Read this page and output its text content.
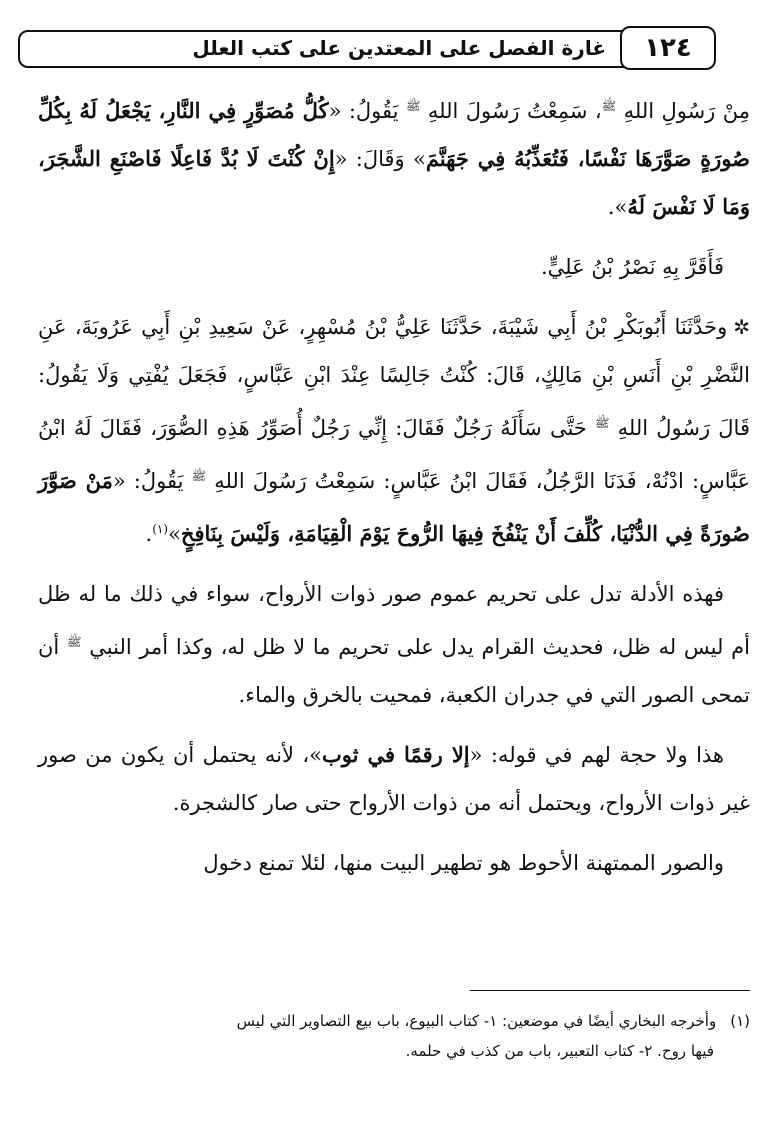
غارة الفصل على المعتدين على كتب العلل	١٢٤

مِنْ رَسُولِ اللهِ $^ﷺ$، سَمِعْتُ رَسُولَ اللهِ $^ﷺ$ يَقُولُ: «كُلُّ مُصَوِّرٍ فِي النَّارِ، يَجْعَلُ لَهُ بِكُلِّ صُورَةٍ صَوَّرَهَا نَفْسًا، فَتُعَذِّبُهُ فِي جَهَنَّمَ» وَقَالَ: «إِنْ كُنْتَ لَا بُدَّ فَاعِلًا فَاصْنَعِ الشَّجَرَ، وَمَا لَا نَفْسَ لَهُ».

فَأَقَرَّ بِهِ نَصْرُ بْنُ عَلِيٍّ.

✲وحَدَّثَنَا أَبُوبَكْرِ بْنُ أَبِي شَيْبَةَ، حَدَّثَنَا عَلِيُّ بْنُ مُسْهِرٍ، عَنْ سَعِيدِ بْنِ أَبِي عَرُوبَةَ، عَنِ النَّضْرِ بْنِ أَنَسِ بْنِ مَالِكٍ، قَالَ: كُنْتُ جَالِسًا عِنْدَ ابْنِ عَبَّاسٍ، فَجَعَلَ يُفْتِي وَلَا يَقُولُ: قَالَ رَسُولُ اللهِ $^ﷺ$ حَتَّى سَأَلَهُ رَجُلٌ فَقَالَ: إِنِّي رَجُلٌ أُصَوِّرُ هَذِهِ الصُّوَرَ، فَقَالَ لَهُ ابْنُ عَبَّاسٍ: ادْنُهْ، فَدَنَا الرَّجُلُ، فَقَالَ ابْنُ عَبَّاسٍ: سَمِعْتُ رَسُولَ اللهِ $^ﷺ$ يَقُولُ: «مَنْ صَوَّرَ صُورَةً فِي الدُّنْيَا، كُلِّفَ أَنْ يَنْفُخَ فِيهَا الرُّوحَ يَوْمَ الْقِيَامَةِ، وَلَيْسَ بِنَافِخٍ»$^{(١)}$.

فهذه الأدلة تدل على تحريم عموم صور ذوات الأرواح، سواء في ذلك ما له ظل أم ليس له ظل، فحديث القرام يدل على تحريم ما لا ظل له، وكذا أمر النبي $^ﷺ$ أن تمحى الصور التي في جدران الكعبة، فمحيت بالخرق والماء.

هذا ولا حجة لهم في قوله: «إلا رقمًا في ثوب»، لأنه يحتمل أن يكون من صور غير ذوات الأرواح، ويحتمل أنه من ذوات الأرواح حتى صار كالشجرة.

والصور الممتهنة الأحوط هو تطهير البيت منها، لئلا تمنع دخول

(١)وأخرجه البخاري أيضًا في موضعين: ١- كتاب البيوع، باب بيع التصاوير التي ليس
فيها روح. ٢- كتاب التعبير، باب من كذب في حلمه.
